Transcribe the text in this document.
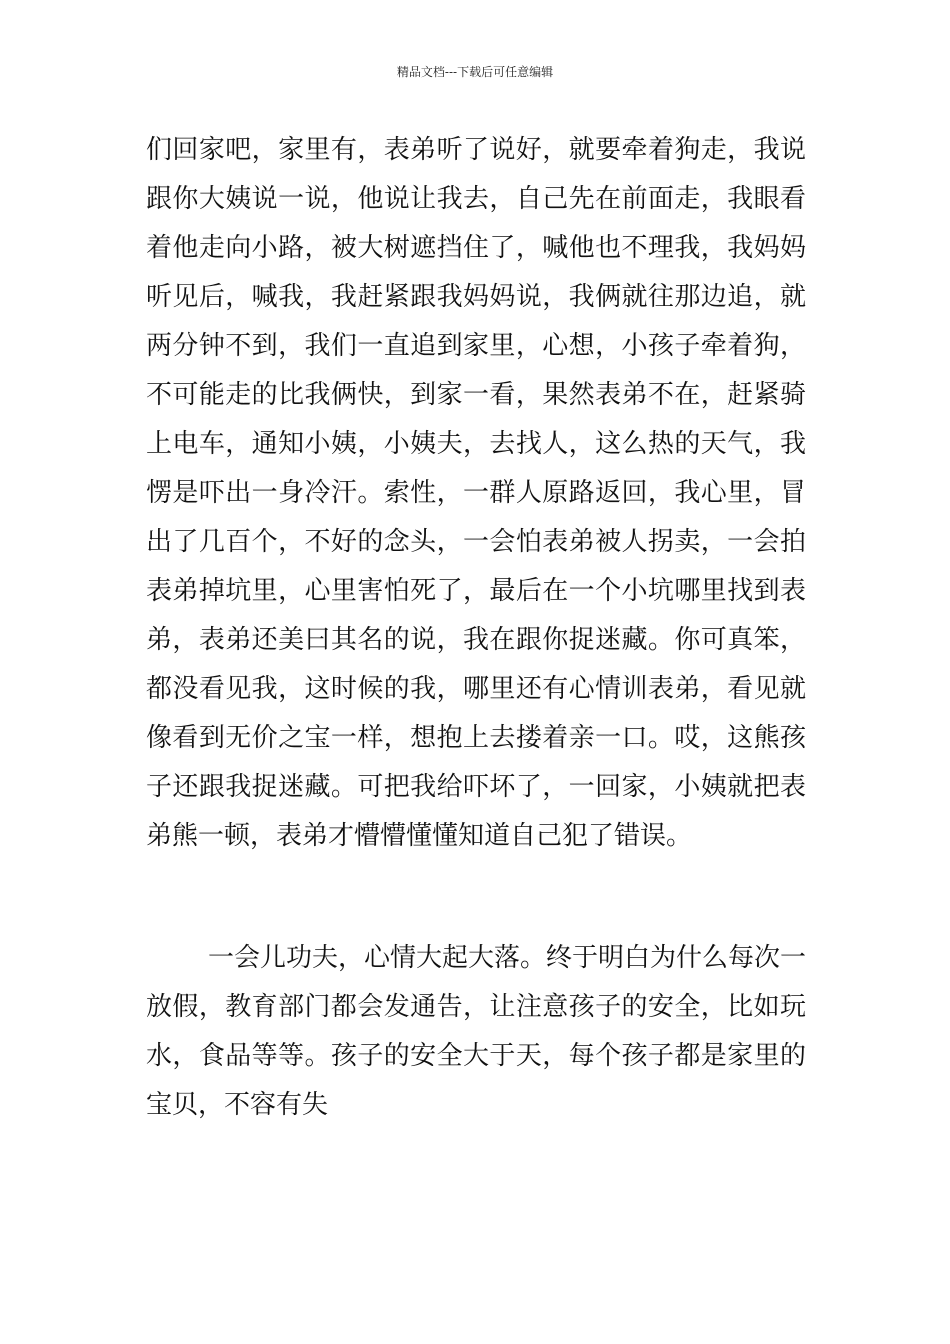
精品文档---下载后可任意编辑
们回家吧，家里有，表弟听了说好，就要牵着狗走，我说
跟你大姨说一说，他说让我去，自己先在前面走，我眼看
着他走向小路，被大树遮挡住了，喊他也不理我，我妈妈
听见后，喊我，我赶紧跟我妈妈说，我俩就往那边追，就
两分钟不到，我们一直追到家里，心想，小孩子牵着狗，
不可能走的比我俩快，到家一看，果然表弟不在，赶紧骑
上电车，通知小姨，小姨夫，去找人，这么热的天气，我
愣是吓出一身冷汗。索性，一群人原路返回，我心里，冒
出了几百个，不好的念头，一会怕表弟被人拐卖，一会拍
表弟掉坑里，心里害怕死了，最后在一个小坑哪里找到表
弟，表弟还美曰其名的说，我在跟你捉迷藏。你可真笨，
都没看见我，这时候的我，哪里还有心情训表弟，看见就
像看到无价之宝一样，想抱上去搂着亲一口。哎，这熊孩
子还跟我捉迷藏。可把我给吓坏了，一回家，小姨就把表
弟熊一顿，表弟才懵懵懂懂知道自己犯了错误。
一会儿功夫，心情大起大落。终于明白为什么每次一
放假，教育部门都会发通告，让注意孩子的安全，比如玩
水，食品等等。孩子的安全大于天，每个孩子都是家里的
宝贝，不容有失
